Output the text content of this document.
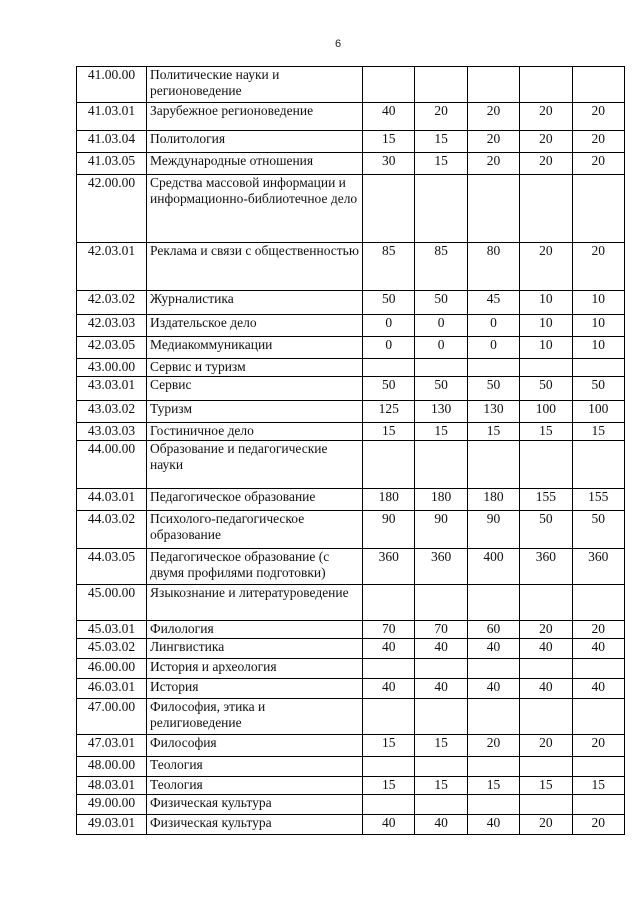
6
41.00.00	Политические науки и регионоведение					
41.03.01	Зарубежное регионоведение	40	20	20	20	20
41.03.04	Политология	15	15	20	20	20
41.03.05	Международные отношения	30	15	20	20	20
42.00.00	Средства массовой информации и информационно-библиотечное дело					
42.03.01	Реклама и связи с общественностью	85	85	80	20	20
42.03.02	Журналистика	50	50	45	10	10
42.03.03	Издательское дело	0	0	0	10	10
42.03.05	Медиакоммуникации	0	0	0	10	10
43.00.00	Сервис и туризм					
43.03.01	Сервис	50	50	50	50	50
43.03.02	Туризм	125	130	130	100	100
43.03.03	Гостиничное дело	15	15	15	15	15
44.00.00	Образование и педагогические науки					
44.03.01	Педагогическое образование	180	180	180	155	155
44.03.02	Психолого-педагогическое образование	90	90	90	50	50
44.03.05	Педагогическое образование (с двумя профилями подготовки)	360	360	400	360	360
45.00.00	Языкознание и литературоведение					
45.03.01	Филология	70	70	60	20	20
45.03.02	Лингвистика	40	40	40	40	40
46.00.00	История и археология					
46.03.01	История	40	40	40	40	40
47.00.00	Философия, этика и религиоведение					
47.03.01	Философия	15	15	20	20	20
48.00.00	Теология					
48.03.01	Теология	15	15	15	15	15
49.00.00	Физическая культура					
49.03.01	Физическая культура	40	40	40	20	20
